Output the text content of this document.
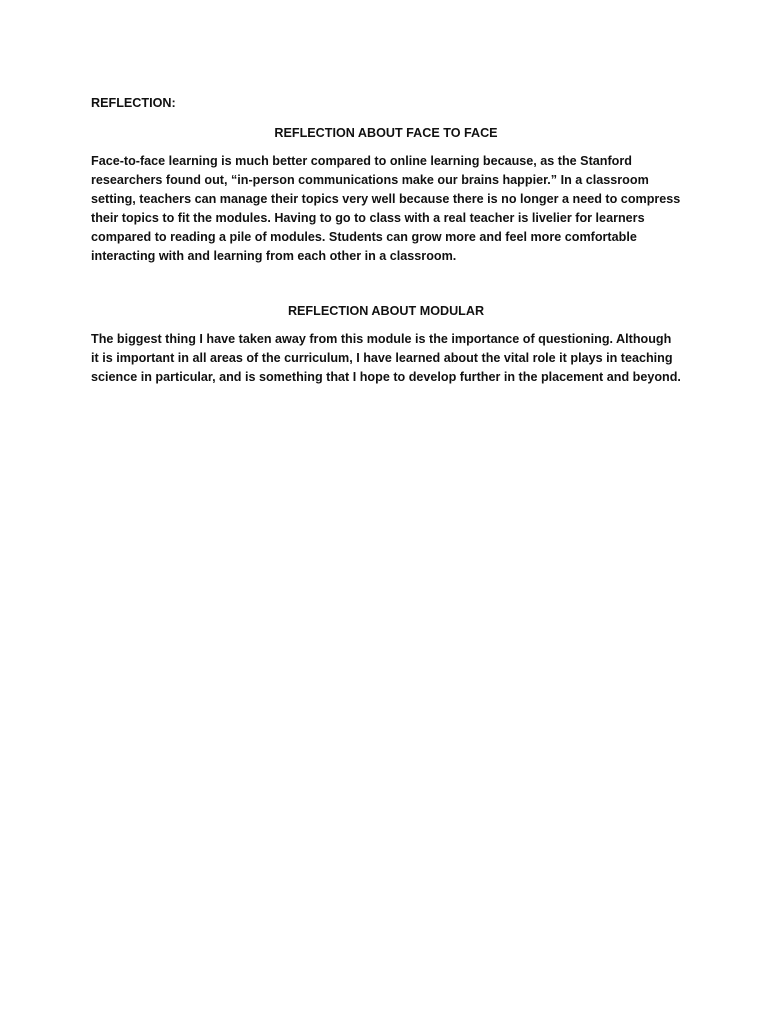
REFLECTION:

REFLECTION ABOUT FACE TO FACE

Face-to-face learning is much better compared to online learning because, as the Stanford researchers found out, “in-person communications make our brains happier.” In a classroom setting, teachers can manage their topics very well because there is no longer a need to compress their topics to fit the modules. Having to go to class with a real teacher is livelier for learners compared to reading a pile of modules. Students can grow more and feel more comfortable interacting with and learning from each other in a classroom.

REFLECTION ABOUT MODULAR

The biggest thing I have taken away from this module is the importance of questioning. Although it is important in all areas of the curriculum, I have learned about the vital role it plays in teaching science in particular, and is something that I hope to develop further in the placement and beyond.
